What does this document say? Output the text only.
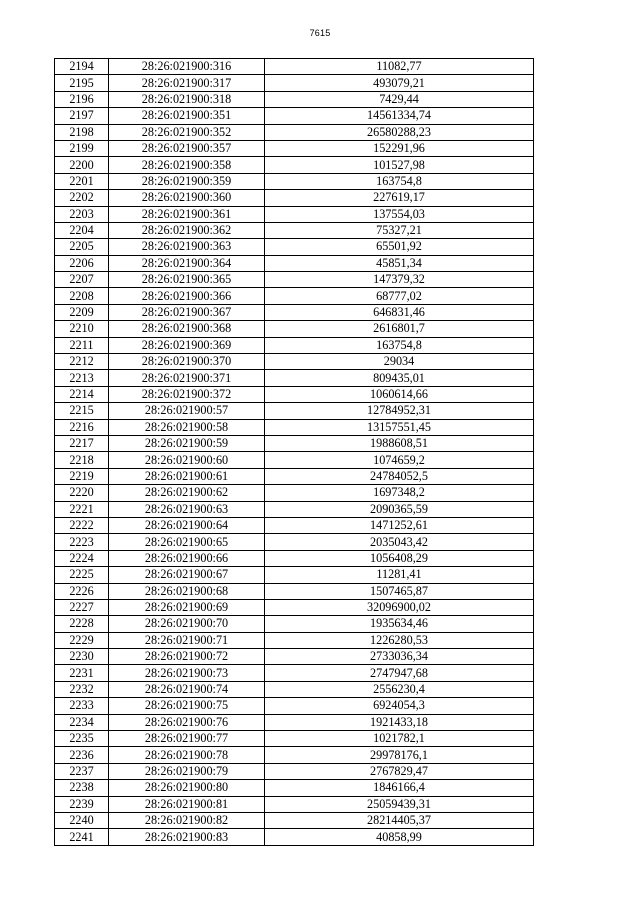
7615
2194	28:26:021900:316	11082,77
2195	28:26:021900:317	493079,21
2196	28:26:021900:318	7429,44
2197	28:26:021900:351	14561334,74
2198	28:26:021900:352	26580288,23
2199	28:26:021900:357	152291,96
2200	28:26:021900:358	101527,98
2201	28:26:021900:359	163754,8
2202	28:26:021900:360	227619,17
2203	28:26:021900:361	137554,03
2204	28:26:021900:362	75327,21
2205	28:26:021900:363	65501,92
2206	28:26:021900:364	45851,34
2207	28:26:021900:365	147379,32
2208	28:26:021900:366	68777,02
2209	28:26:021900:367	646831,46
2210	28:26:021900:368	2616801,7
2211	28:26:021900:369	163754,8
2212	28:26:021900:370	29034
2213	28:26:021900:371	809435,01
2214	28:26:021900:372	1060614,66
2215	28:26:021900:57	12784952,31
2216	28:26:021900:58	13157551,45
2217	28:26:021900:59	1988608,51
2218	28:26:021900:60	1074659,2
2219	28:26:021900:61	24784052,5
2220	28:26:021900:62	1697348,2
2221	28:26:021900:63	2090365,59
2222	28:26:021900:64	1471252,61
2223	28:26:021900:65	2035043,42
2224	28:26:021900:66	1056408,29
2225	28:26:021900:67	11281,41
2226	28:26:021900:68	1507465,87
2227	28:26:021900:69	32096900,02
2228	28:26:021900:70	1935634,46
2229	28:26:021900:71	1226280,53
2230	28:26:021900:72	2733036,34
2231	28:26:021900:73	2747947,68
2232	28:26:021900:74	2556230,4
2233	28:26:021900:75	6924054,3
2234	28:26:021900:76	1921433,18
2235	28:26:021900:77	1021782,1
2236	28:26:021900:78	29978176,1
2237	28:26:021900:79	2767829,47
2238	28:26:021900:80	1846166,4
2239	28:26:021900:81	25059439,31
2240	28:26:021900:82	28214405,37
2241	28:26:021900:83	40858,99
